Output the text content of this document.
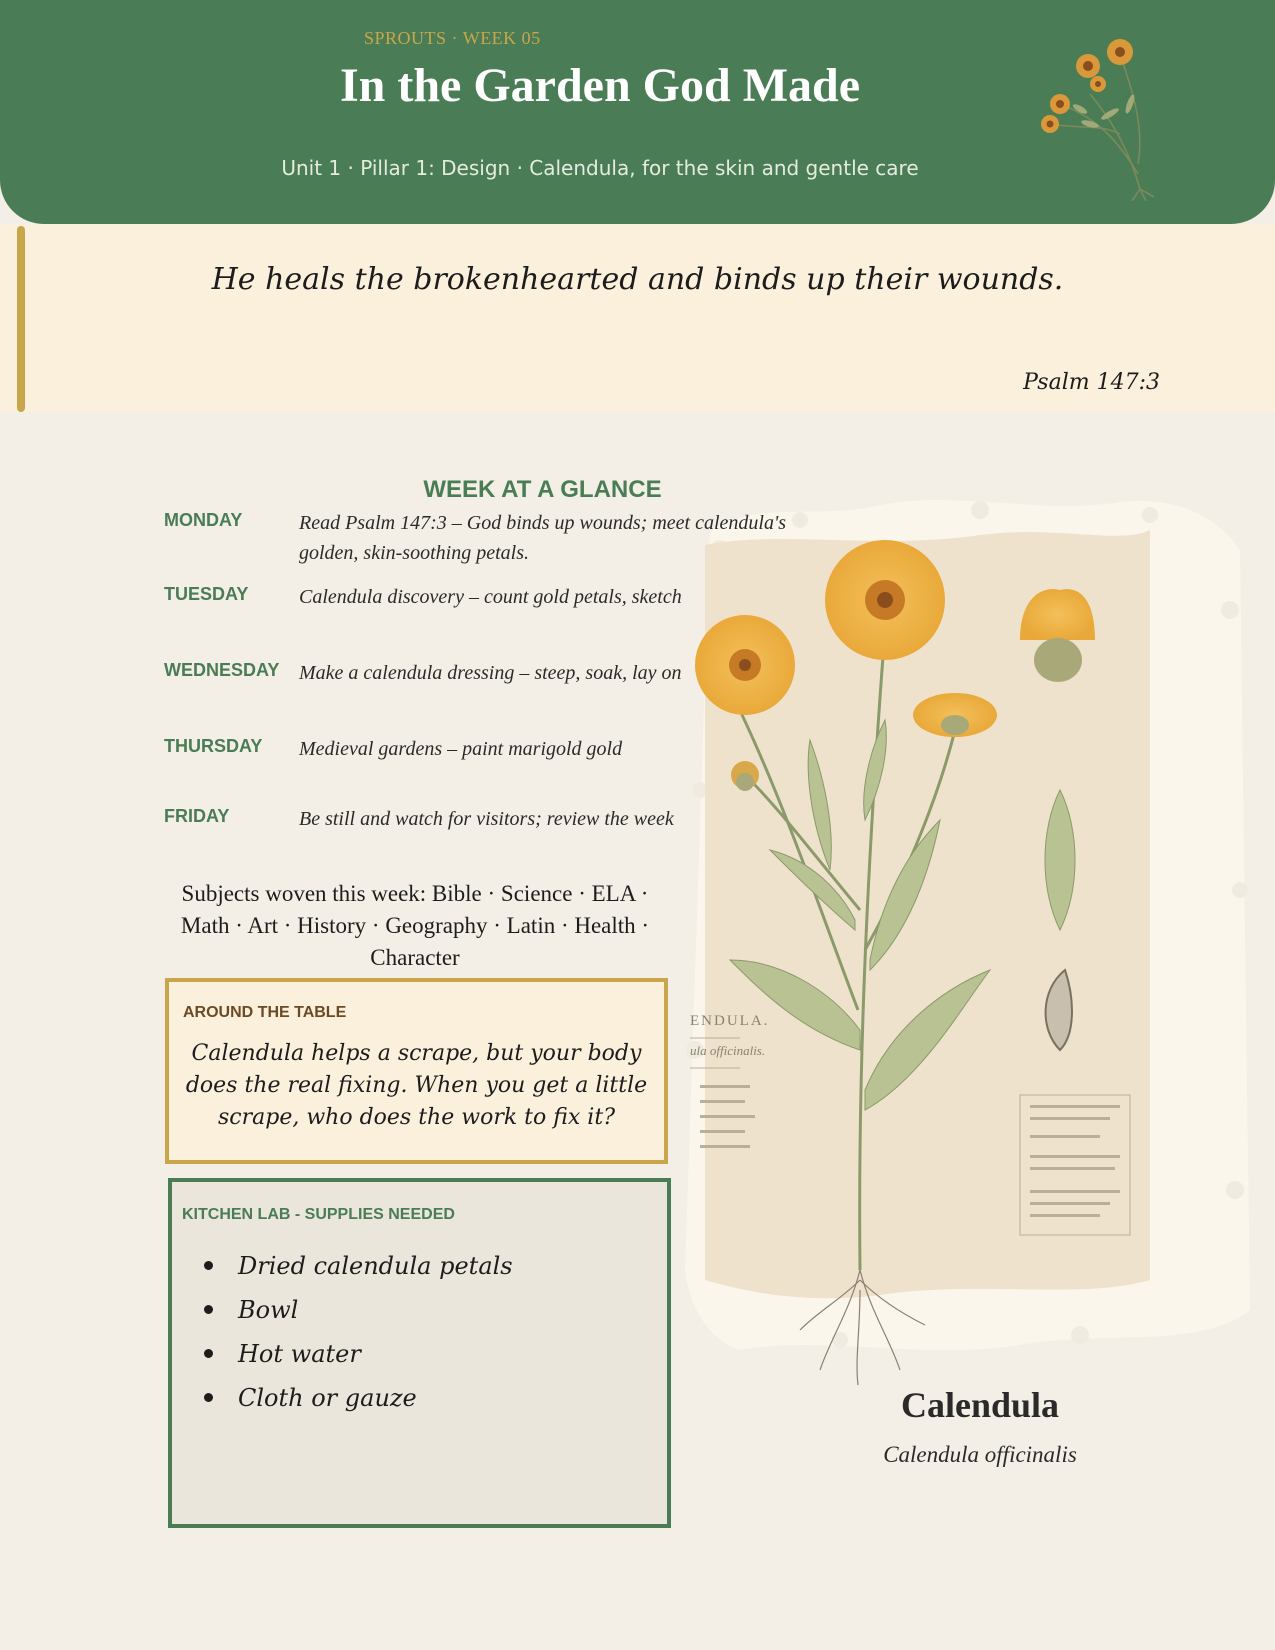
SPROUTS · WEEK 05
In the Garden God Made
Unit 1 · Pillar 1: Design · Calendula, for the skin and gentle care
He heals the brokenhearted and binds up their wounds.
Psalm 147:3
ENDULA.
ula officinalis.
Calendula
Calendula officinalis
WEEK AT A GLANCE
MONDAY	Read Psalm 147:3 – God binds up wounds; meet calendula's golden, skin-soothing petals.
TUESDAY	Calendula discovery – count gold petals, sketch
WEDNESDAY Make a calendula dressing – steep, soak, lay on
THURSDAY Medieval gardens – paint marigold gold
FRIDAY	Be still and watch for visitors; review the week
Subjects woven this week: Bible · Science · ELA · Math · Art · History · Geography · Latin · Health · Character
AROUND THE TABLE
Calendula helps a scrape, but your body does the real fixing. When you get a little scrape, who does the work to fix it?
KITCHEN LAB - SUPPLIES NEEDED
Dried calendula petals
Bowl
Hot water
Cloth or gauze
